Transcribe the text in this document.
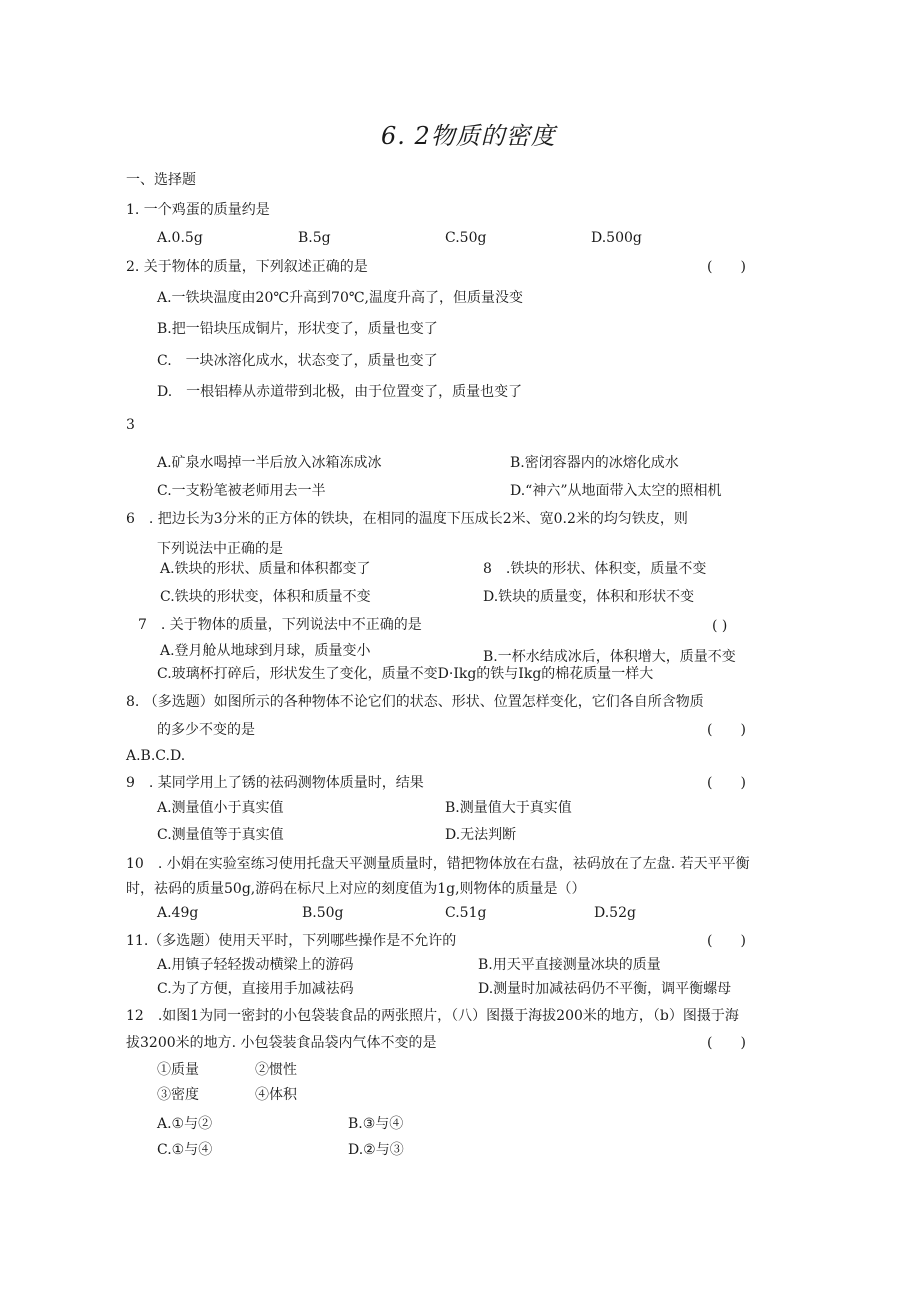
6. 2物质的密度
一、选择题
1. 一个鸡蛋的质量约是
A.0.5g	B.5g	C.50g	D.500g
2. 关于物体的质量，下列叙述正确的是	(　　)
A.一铁块温度由20℃升高到70℃,温度升高了，但质量没变
B.把一铅块压成铜片，形状变了，质量也变了
C.　一块冰溶化成水，状态变了，质量也变了
D.　一根铝棒从赤道带到北极，由于位置变了，质量也变了
3
A.矿泉水喝掉一半后放入冰箱冻成冰	B.密闭容器内的冰熔化成水
C.一支粉笔被老师用去一半	D.“神六”从地面带入太空的照相机
6　. 把边长为3分米的正方体的铁块，在相同的温度下压成长2米、宽0.2米的均匀铁皮，则
下列说法中正确的是
A.铁块的形状、质量和体积都变了	8　.铁块的形状、体积变，质量不变
C.铁块的形状变，体积和质量不变	D.铁块的质量变，体积和形状不变
7　. 关于物体的质量，下列说法中不正确的是	( )
A.登月舱从地球到月球，质量变小	B.一杯水结成冰后，体积增大，质量不变
C.玻璃杯打碎后，形状发生了变化，质量不变D·Ikg的铁与Ikg的棉花质量一样大
8. （多选题）如图所示的各种物体不论它们的状态、形状、位置怎样变化，它们各自所含物质
的多少不变的是	(　　)
A.B.C.D.
9　. 某同学用上了锈的祛码测物体质量时，结果	(　　)
A.测量值小于真实值	B.测量值大于真实值
C.测量值等于真实值	D.无法判断
10　. 小娟在实验室练习使用托盘天平测量质量时，错把物体放在右盘，祛码放在了左盘. 若天平平衡
时，祛码的质量50g,游码在标尺上对应的刻度值为1g,则物体的质量是（）
A.49g	B.50g	C.51g	D.52g
11.（多选题）使用天平时，下列哪些操作是不允许的	(　　)
A.用镇子轻轻拨动横梁上的游码	B.用天平直接测量冰块的质量
C.为了方便，直接用手加减祛码	D.测量时加减祛码仍不平衡，调平衡螺母
12　.如图1为同一密封的小包袋装食品的两张照片，（八）图摄于海拔200米的地方，（b）图摄于海
拔3200米的地方. 小包袋装食品袋内气体不变的是	(　　)
①质量	②惯性
③密度	④体积
A.①与②	B.③与④
C.①与④	D.②与③
